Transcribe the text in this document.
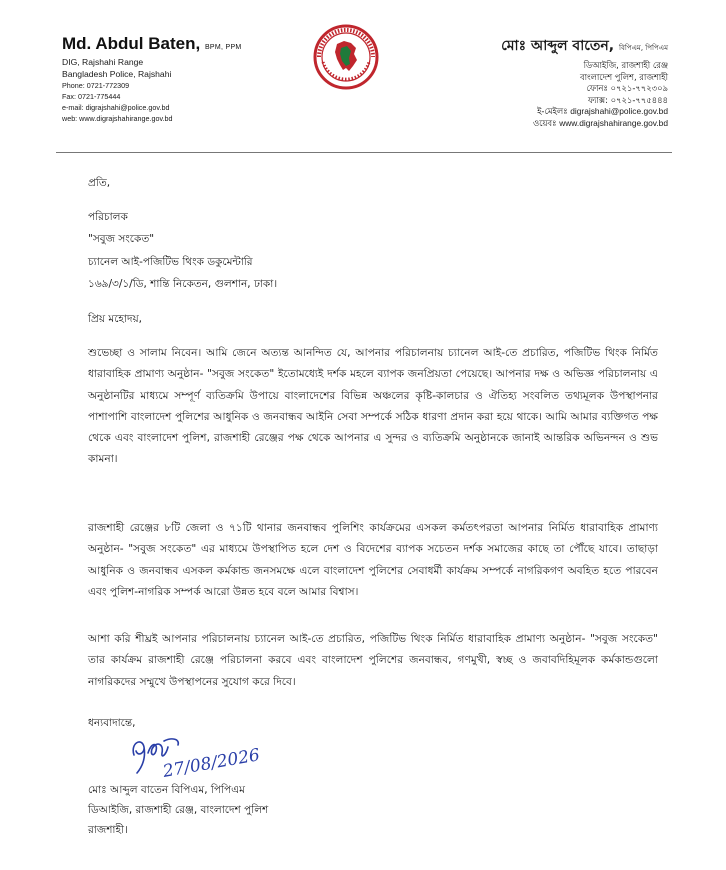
Md. Abdul Baten, BPM, PPM
DIG, Rajshahi Range
Bangladesh Police, Rajshahi
Phone: 0721-772309
Fax: 0721-775444
e-mail: digrajshahi@police.gov.bd
web: www.digrajshahirange.gov.bd
মোঃ আব্দুল বাতেন, বিপিএম, পিপিএম
ডিআইজি, রাজশাহী রেঞ্জ
বাংলাদেশ পুলিশ, রাজশাহী
ফোনঃ ০৭২১-৭৭২৩০৯
ফ্যাক্স: ০৭২১-৭৭৫৪৪৪
ই-মেইলঃ digrajshahi@police.gov.bd
ওয়েবঃ www.digrajshahirange.gov.bd
প্রতি,
পরিচালক
"সবুজ সংকেত"
চ্যানেল আই-পজিটিভ থিংক ডকুমেন্টারি
১৬৯/৩/১/ডি, শান্তি নিকেতন, গুলশান, ঢাকা।
প্রিয় মহোদয়,

শুভেচ্ছা ও সালাম নিবেন। আমি জেনে অত্যন্ত আনন্দিত যে, আপনার পরিচালনায় চ্যানেল আই-তে প্রচারিত, পজিটিভ থিংক নির্মিত ধারাবাহিক প্রামাণ্য অনুষ্ঠান- "সবুজ সংকেত" ইতোমধ্যেই দর্শক মহলে ব্যাপক জনপ্রিয়তা পেয়েছে। আপনার দক্ষ ও অভিজ্ঞ পরিচালনায় এ অনুষ্ঠানটির মাধ্যমে সম্পূর্ণ ব্যতিক্রমি উপায়ে বাংলাদেশের বিভিন্ন অঞ্চলের কৃষ্টি-কালচার ও ঐতিহ্য সংবলিত তথ্যমূলক উপস্থাপনার পাশাপাশি বাংলাদেশ পুলিশের আধুনিক ও জনবান্ধব আইনি সেবা সম্পর্কে সঠিক ধারণা প্রদান করা হয়ে থাকে। আমি আমার ব্যক্তিগত পক্ষ থেকে এবং বাংলাদেশ পুলিশ, রাজশাহী রেঞ্জের পক্ষ থেকে আপনার এ সুন্দর ও ব্যতিক্রমি অনুষ্ঠানকে জানাই আন্তরিক অভিনন্দন ও শুভ কামনা।

রাজশাহী রেঞ্জের ৮টি জেলা ও ৭১টি থানার জনবান্ধব পুলিশিং কার্যক্রমের এসকল কর্মতৎপরতা আপনার নির্মিত ধারাবাহিক প্রামাণ্য অনুষ্ঠান- "সবুজ সংকেত" এর মাধ্যমে উপস্থাপিত হলে দেশ ও বিদেশের ব্যাপক সচেতন দর্শক সমাজের কাছে তা পৌঁছে যাবে। তাছাড়া আধুনিক ও জনবান্ধব এসকল কর্মকান্ড জনসমক্ষে এলে বাংলাদেশ পুলিশের সেবাধর্মী কার্যক্রম সম্পর্কে নাগরিকগণ অবহিত হতে পারবেন এবং পুলিশ-নাগরিক সম্পর্ক আরো উন্নত হবে বলে আমার বিশ্বাস।

আশা করি শীঘ্রই আপনার পরিচালনায় চ্যানেল আই-তে প্রচারিত, পজিটিভ থিংক নির্মিত ধারাবাহিক প্রামাণ্য অনুষ্ঠান- "সবুজ সংকেত" তার কার্যক্রম রাজশাহী রেঞ্জে পরিচালনা করবে এবং বাংলাদেশ পুলিশের জনবান্ধব, গণমুখী, স্বচ্ছ ও জবাবদিহিমূলক কর্মকান্ডগুলো নাগরিকদের সম্মুখে উপস্থাপনের সুযোগ করে দিবে।

ধন্যবাদান্তে,
27/08/2026
মোঃ আব্দুল বাতেন বিপিএম, পিপিএম
ডিআইজি, রাজশাহী রেঞ্জ, বাংলাদেশ পুলিশ
রাজশাহী।
